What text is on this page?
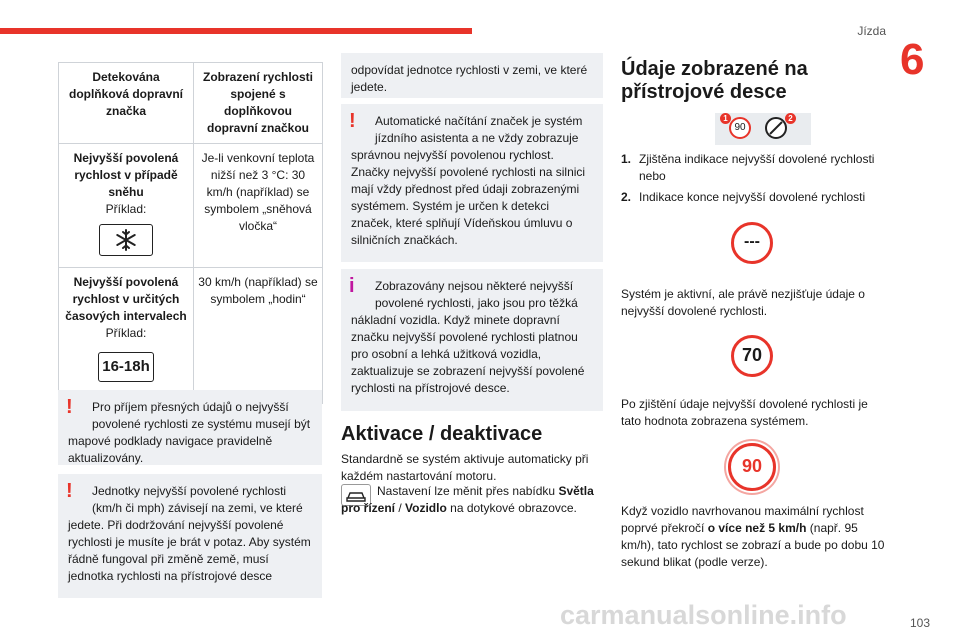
Jízda
6
Detekována doplňková dopravní značka	Zobrazení rychlosti spojené s doplňkovou dopravní značkou

Nejvyšší povolená rychlost v případě sněhu
Příklad:	Je-li venkovní teplota nižší než 3 °C: 30 km/h (například) se symbolem „sněhová vločka“

Nejvyšší povolená rychlost v určitých časových intervalech
Příklad:
16-18h	30 km/h (například) se symbolem „hodin“
!	Pro příjem přesných údajů o nejvyšší povolené rychlosti ze systému musejí být
mapové podklady navigace pravidelně aktualizovány.
!	Jednotky nejvyšší povolené rychlosti (km/h či mph) závisejí na zemi, ve které
jedete. Při dodržování nejvyšší povolené rychlosti je musíte je brát v potaz. Aby systém řádně fungoval při změně země, musí jednotka rychlosti na přístrojové desce
odpovídat jednotce rychlosti v zemi, ve které jedete.
!	Automatické načítání značek je systém jízdního asistenta a ne vždy zobrazuje
správnou nejvyšší povolenou rychlost. Značky nejvyšší povolené rychlosti na silnici mají vždy přednost před údaji zobrazenými systémem. Systém je určen k detekci značek, které splňují Vídeňskou úmluvu o silničních značkách.
i	Zobrazovány nejsou některé nejvyšší povolené rychlosti, jako jsou pro těžká
nákladní vozidla. Když minete dopravní značku nejvyšší povolené rychlosti platnou pro osobní a lehká užitková vozidla, zaktualizuje se zobrazení nejvyšší povolené rychlosti na přístrojové desce.
Aktivace / deaktivace
Standardně se systém aktivuje automaticky při každém nastartování motoru.
Nastavení lze měnit přes nabídku Světla pro řízení / Vozidlo na dotykové obrazovce.
Údaje zobrazené na přístrojové desce
90
1	2
1. Zjištěna indikace nejvyšší dovolené rychlosti nebo
2. Indikace konce nejvyšší dovolené rychlosti
---
Systém je aktivní, ale právě nezjišťuje údaje o nejvyšší dovolené rychlosti.
70
Po zjištění údaje nejvyšší dovolené rychlosti je tato hodnota zobrazena systémem.
90
Když vozidlo navrhovanou maximální rychlost poprvé překročí o více než 5 km/h (např. 95 km/h), tato rychlost se zobrazí a bude po dobu 10 sekund blikat (podle verze).
carmanualsonline.info	103
